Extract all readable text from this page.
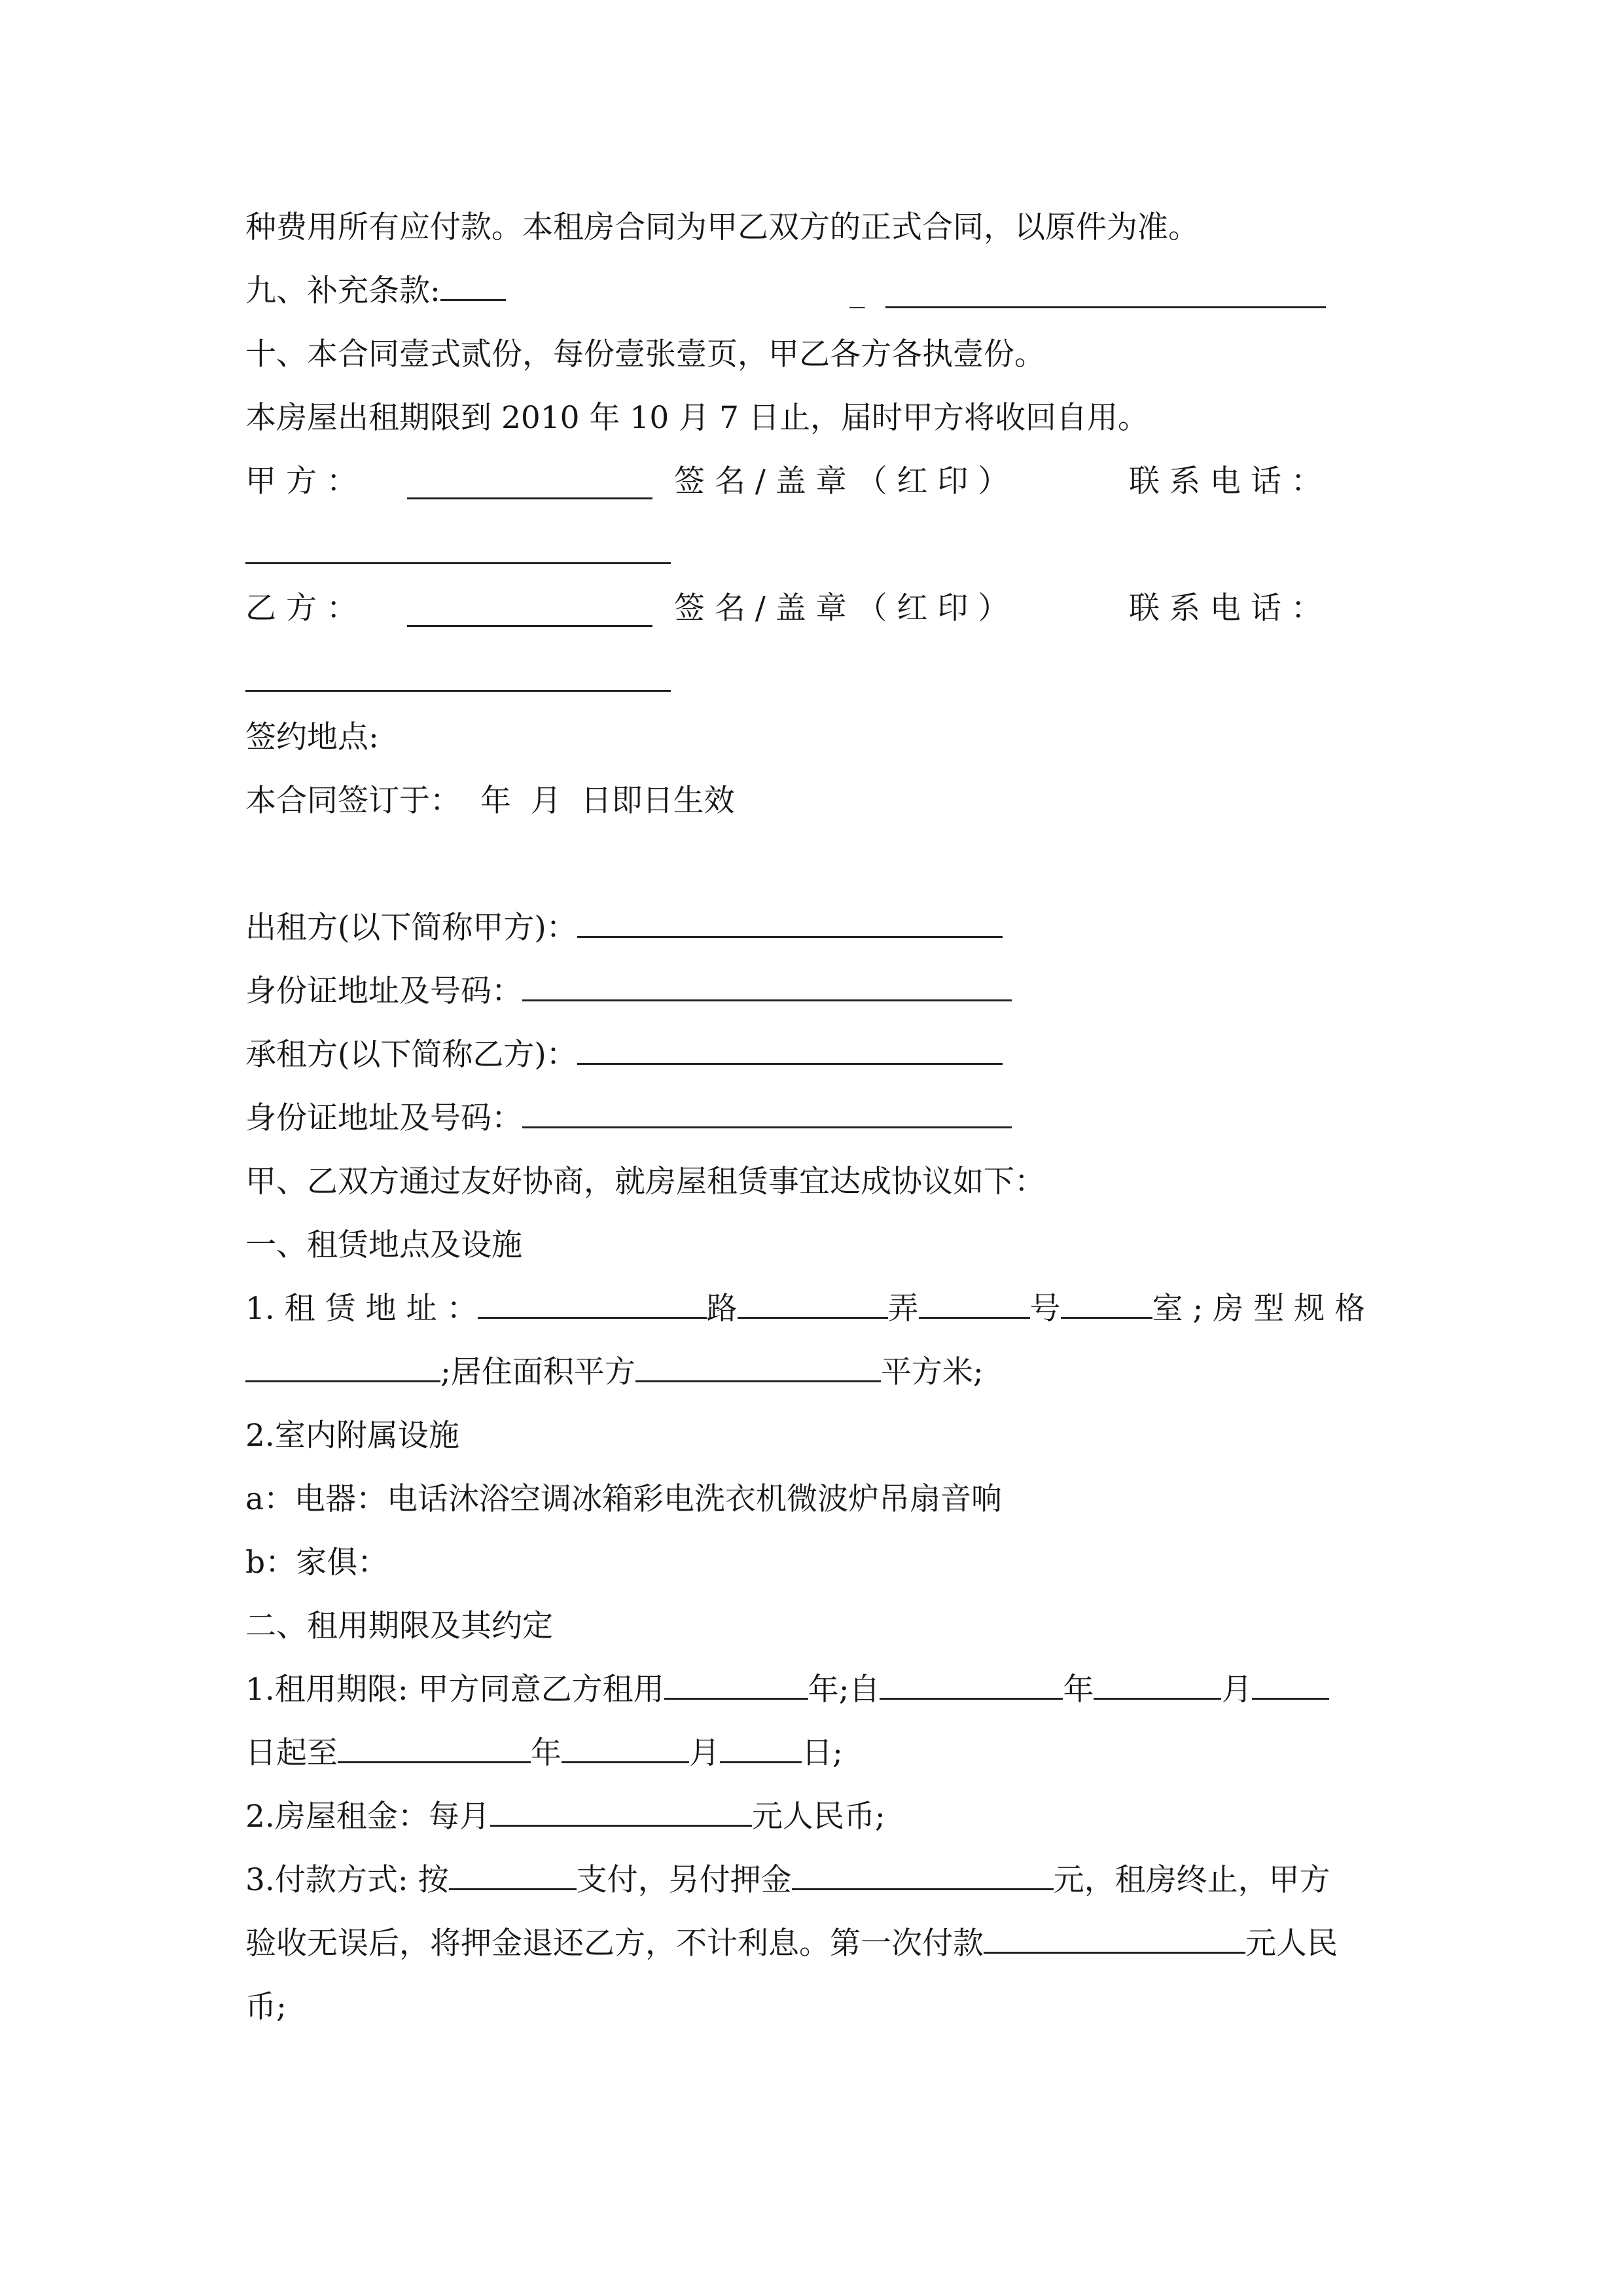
种费用所有应付款。本租房合同为甲乙双方的正式合同，以原件为准。
九、补充条款:	_
十、本合同壹式贰份，每份壹张壹页，甲乙各方各执壹份。
本房屋出租期限到 2010 年 10 月 7 日止，届时甲方将收回自用。
甲 方 ：	签 名 / 盖 章 （ 红 印 ）	联 系 电 话 ：
乙 方 ：	签 名 / 盖 章 （ 红 印 ）	联 系 电 话 ：
签约地点:
本合同签订于：  年  月  日即日生效
出租方(以下简称甲方)：
身份证地址及号码：
承租方(以下简称乙方)：
身份证地址及号码：
甲、乙双方通过友好协商，就房屋租赁事宜达成协议如下：
一、租赁地点及设施
1. 租 赁 地 址 ：	路	弄	号	室 ; 房 型 规 格
;居住面积平方	平方米;
2.室内附属设施
a：电器：电话沐浴空调冰箱彩电洗衣机微波炉吊扇音响
b：家俱：
二、租用期限及其约定
1.租用期限: 甲方同意乙方租用	年;自	年	月
日起至	年	月	日;
2.房屋租金：每月	元人民币;
3.付款方式: 按	支付，另付押金	元，租房终止，甲方
验收无误后，将押金退还乙方，不计利息。第一次付款	元人民
币;
